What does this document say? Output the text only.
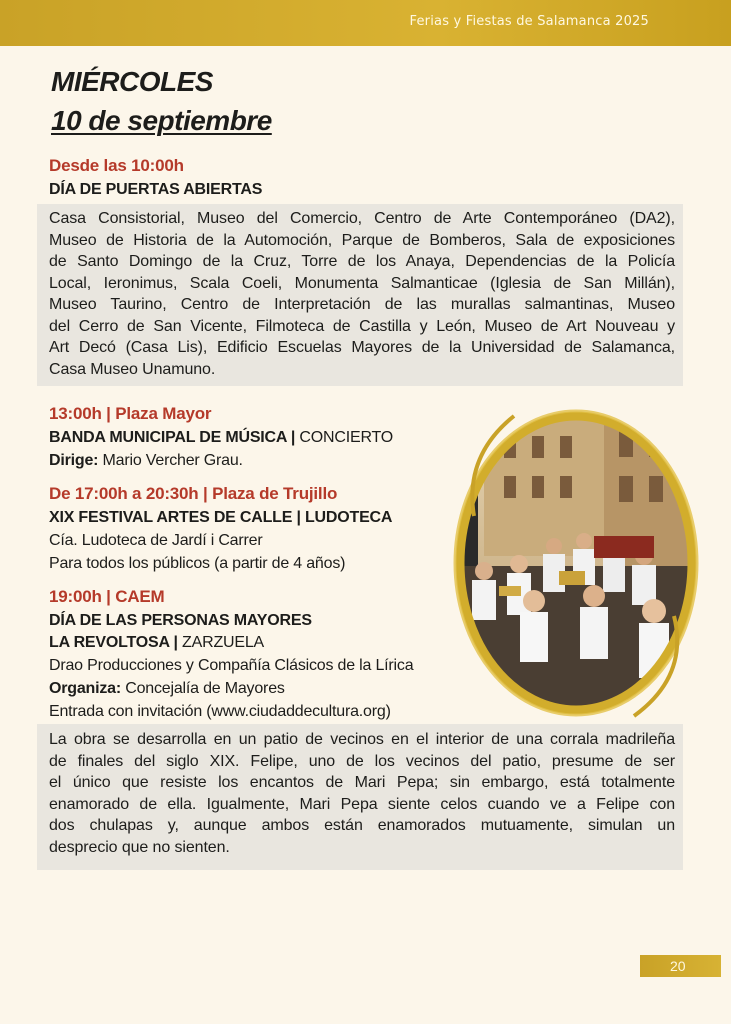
Ferias y Fiestas de Salamanca 2025
MIÉRCOLES
10 de septiembre
Desde las 10:00h
DÍA DE PUERTAS ABIERTAS

Casa Consistorial, Museo del Comercio, Centro de Arte Contemporáneo (DA2),

Museo de Historia de la Automoción, Parque de Bomberos, Sala de exposiciones

de Santo Domingo de la Cruz, Torre de los Anaya, Dependencias de la Policía

Local, Ieronimus, Scala Coeli, Monumenta Salmanticae (Iglesia de San Millán),

Museo Taurino, Centro de Interpretación de las murallas salmantinas, Museo

del Cerro de San Vicente, Filmoteca de Castilla y León, Museo de Art Nouveau y

Art Decó (Casa Lis), Edificio Escuelas Mayores de la Universidad de Salamanca,

Casa Museo Unamuno.

13:00h | Plaza Mayor
BANDA MUNICIPAL DE MÚSICA | CONCIERTO
Dirige: Mario Vercher Grau.
De 17:00h a 20:30h | Plaza de Trujillo
XIX FESTIVAL ARTES DE CALLE | LUDOTECA
Cía. Ludoteca de Jardí i Carrer
Para todos los públicos (a partir de 4 años)
19:00h | CAEM
DÍA DE LAS PERSONAS MAYORES
LA REVOLTOSA | ZARZUELA
Drao Producciones y Compañía Clásicos de la Lírica
Organiza: Concejalía de Mayores
Entrada con invitación (www.ciudaddecultura.org)

La obra se desarrolla en un patio de vecinos en el interior de una corrala madrileña

de finales del siglo XIX. Felipe, uno de los vecinos del patio, presume de ser

el único que resiste los encantos de Mari Pepa; sin embargo, está totalmente

enamorado de ella. Igualmente, Mari Pepa siente celos cuando ve a Felipe con

dos chulapas y, aunque ambos están enamorados mutuamente, simulan un

desprecio que no sienten.

20
